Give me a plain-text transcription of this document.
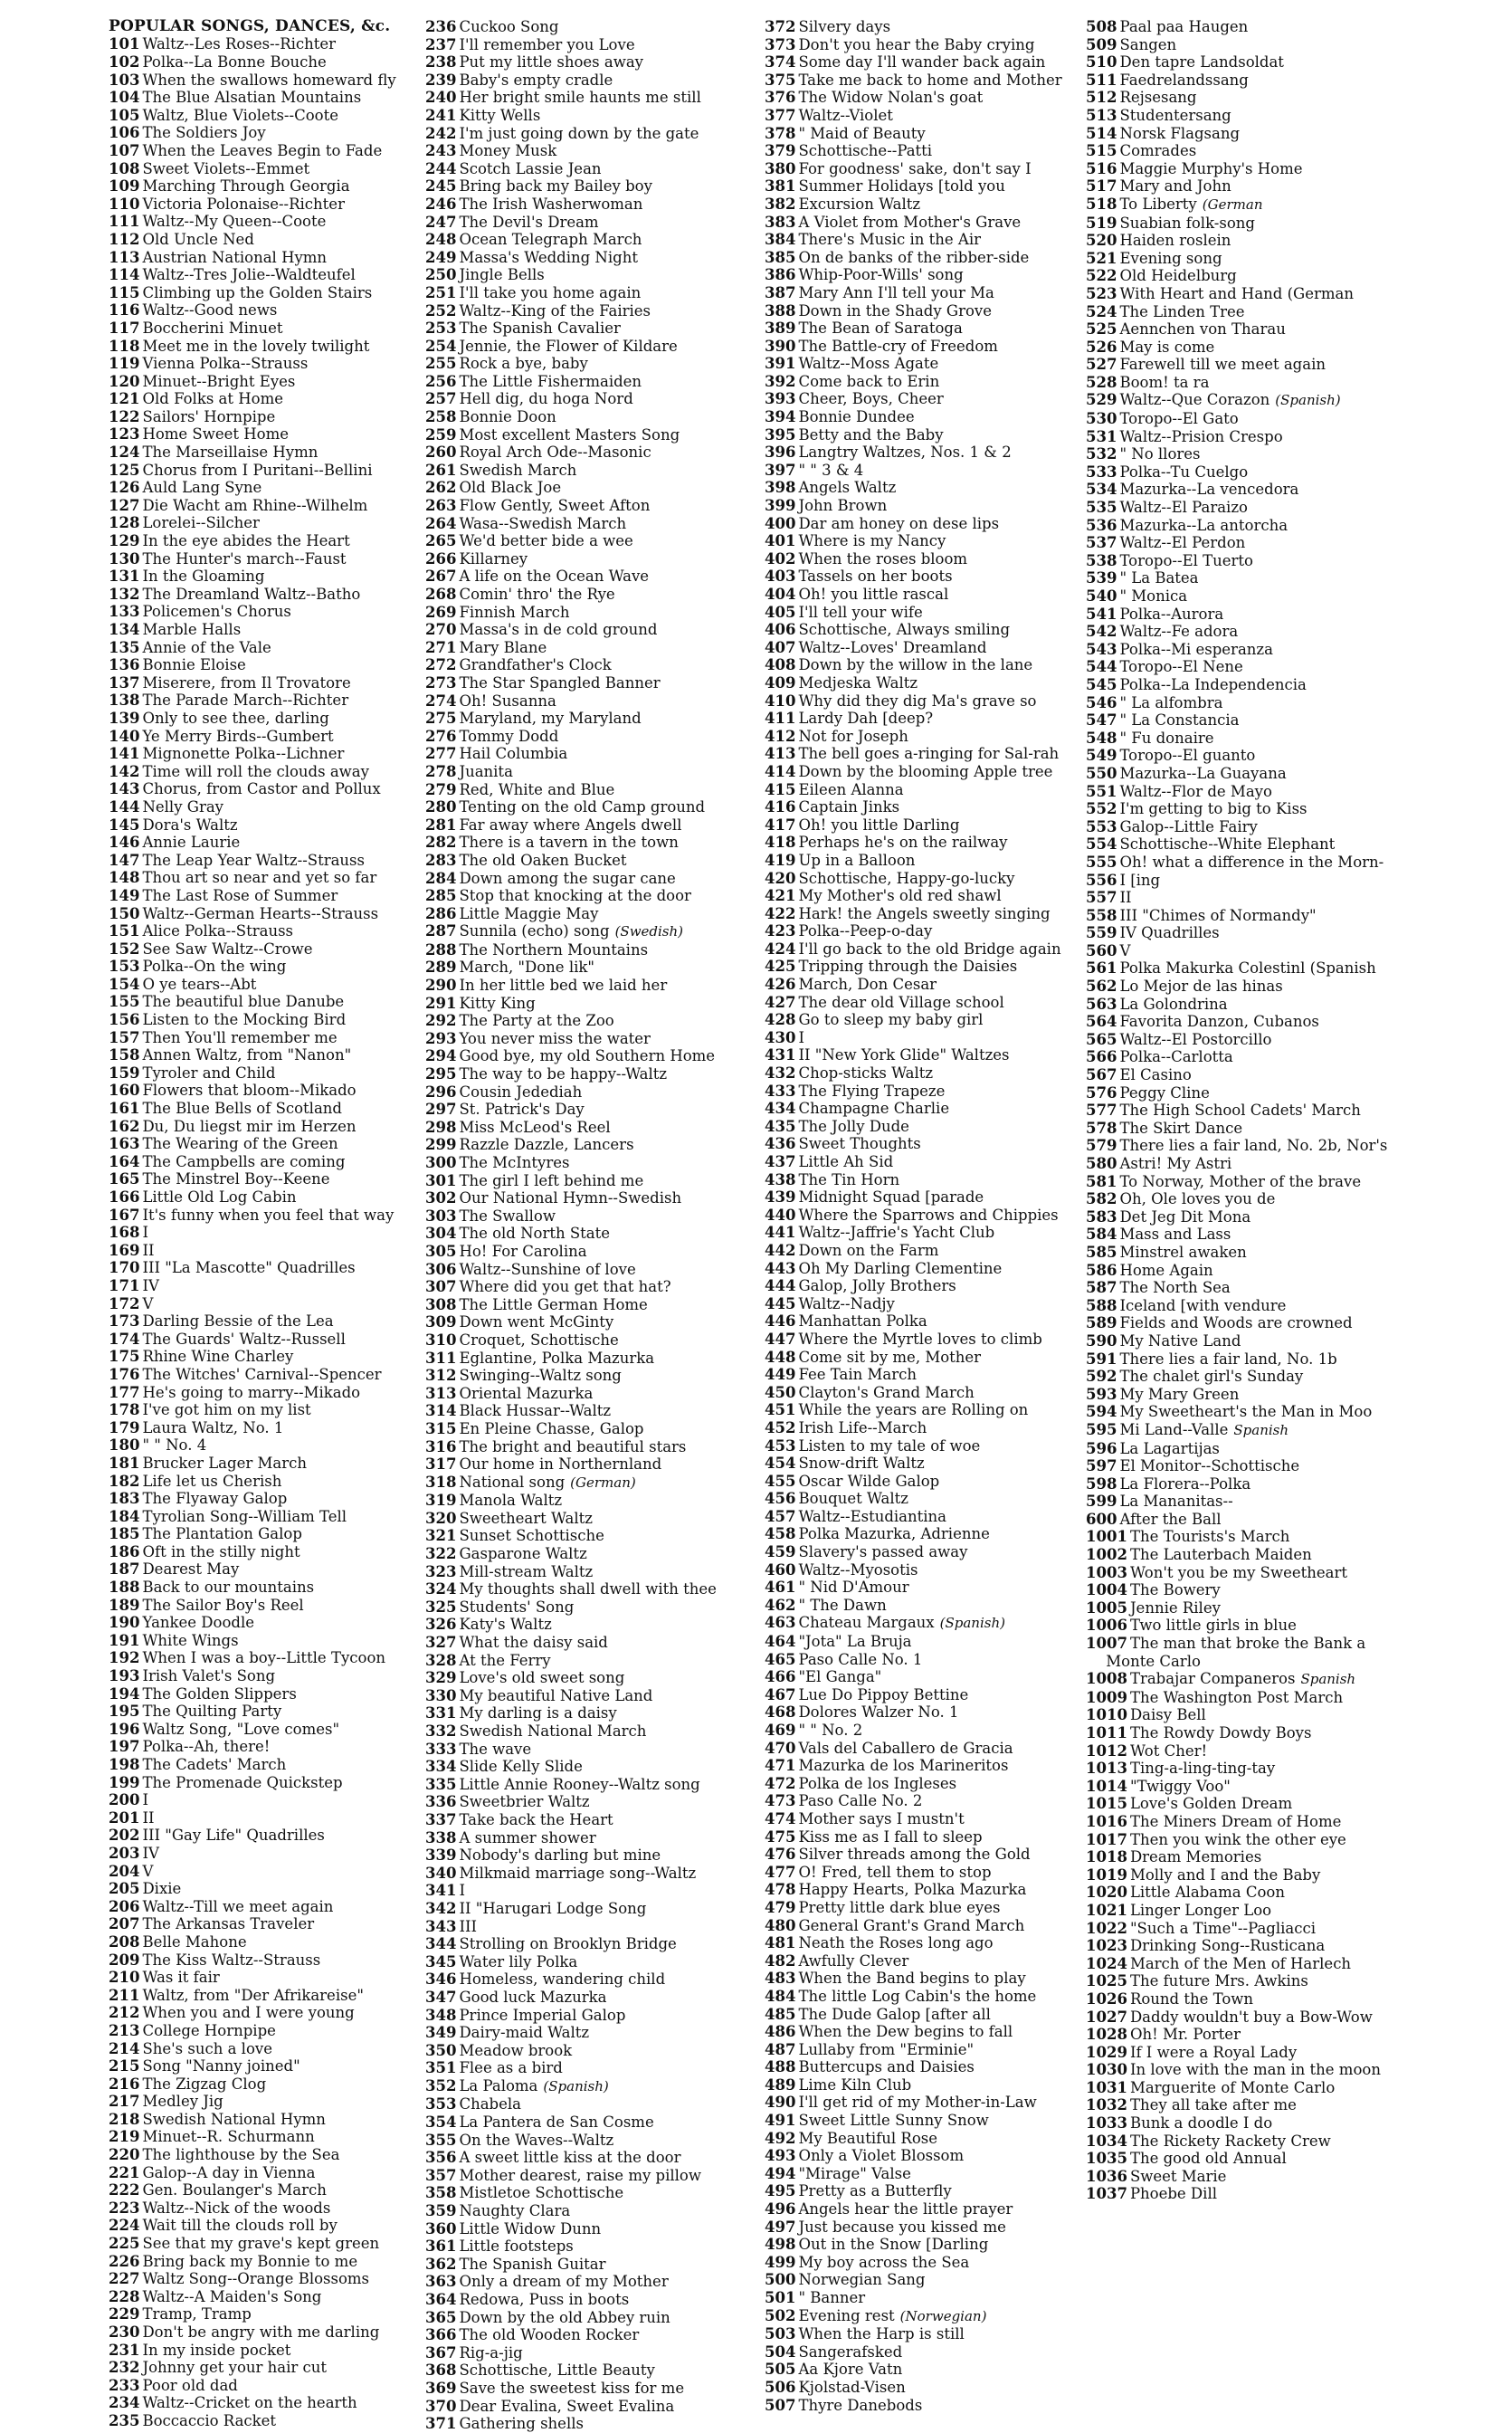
POPULAR SONGS, DANCES, &c.
101 Waltz--Les Roses--Richter
102 Polka--La Bonne Bouche
103 When the swallows homeward fly
104 The Blue Alsatian Mountains
105 Waltz, Blue Violets--Coote
106 The Soldiers Joy
107 When the Leaves Begin to Fade
108 Sweet Violets--Emmet
109 Marching Through Georgia
110 Victoria Polonaise--Richter
111 Waltz--My Queen--Coote
112 Old Uncle Ned
113 Austrian National Hymn
114 Waltz--Tres Jolie--Waldteufel
115 Climbing up the Golden Stairs
116 Waltz--Good news
117 Boccherini Minuet
118 Meet me in the lovely twilight
119 Vienna Polka--Strauss
120 Minuet--Bright Eyes
121 Old Folks at Home
122 Sailors' Hornpipe
123 Home Sweet Home
124 The Marseillaise Hymn
125 Chorus from I Puritani--Bellini
126 Auld Lang Syne
127 Die Wacht am Rhine--Wilhelm
128 Lorelei--Silcher
129 In the eye abides the Heart
130 The Hunter's march--Faust
131 In the Gloaming
132 The Dreamland Waltz--Batho
133 Policemen's Chorus
134 Marble Halls
135 Annie of the Vale
136 Bonnie Eloise
137 Miserere, from Il Trovatore
138 The Parade March--Richter
139 Only to see thee, darling
140 Ye Merry Birds--Gumbert
141 Mignonette Polka--Lichner
142 Time will roll the clouds away
143 Chorus, from Castor and Pollux
144 Nelly Gray
145 Dora's Waltz
146 Annie Laurie
147 The Leap Year Waltz--Strauss
148 Thou art so near and yet so far
149 The Last Rose of Summer
150 Waltz--German Hearts--Strauss
151 Alice Polka--Strauss
152 See Saw Waltz--Crowe
153 Polka--On the wing
154 O ye tears--Abt
155 The beautiful blue Danube
156 Listen to the Mocking Bird
157 Then You'll remember me
158 Annen Waltz, from "Nanon"
159 Tyroler and Child
160 Flowers that bloom--Mikado
161 The Blue Bells of Scotland
162 Du, Du liegst mir im Herzen
163 The Wearing of the Green
164 The Campbells are coming
165 The Minstrel Boy--Keene
166 Little Old Log Cabin
167 It's funny when you feel that way
168 I
169 II
170 III "La Mascotte" Quadrilles
171 IV
172 V
173 Darling Bessie of the Lea
174 The Guards' Waltz--Russell
175 Rhine Wine Charley
176 The Witches' Carnival--Spencer
177 He's going to marry--Mikado
178 I've got him on my list
179 Laura Waltz, No. 1
180 " " No. 4
181 Brucker Lager March
182 Life let us Cherish
183 The Flyaway Galop
184 Tyrolian Song--William Tell
185 The Plantation Galop
186 Oft in the stilly night
187 Dearest May
188 Back to our mountains
189 The Sailor Boy's Reel
190 Yankee Doodle
191 White Wings
192 When I was a boy--Little Tycoon
193 Irish Valet's Song
194 The Golden Slippers
195 The Quilting Party
196 Waltz Song, "Love comes"
197 Polka--Ah, there!
198 The Cadets' March
199 The Promenade Quickstep
200 I
201 II
202 III "Gay Life" Quadrilles
203 IV
204 V
205 Dixie
206 Waltz--Till we meet again
207 The Arkansas Traveler
208 Belle Mahone
209 The Kiss Waltz--Strauss
210 Was it fair
211 Waltz, from "Der Afrikareise"
212 When you and I were young
213 College Hornpipe
214 She's such a love
215 Song "Nanny joined"
216 The Zigzag Clog
217 Medley Jig
218 Swedish National Hymn
219 Minuet--R. Schurmann
220 The lighthouse by the Sea
221 Galop--A day in Vienna
222 Gen. Boulanger's March
223 Waltz--Nick of the woods
224 Wait till the clouds roll by
225 See that my grave's kept green
226 Bring back my Bonnie to me
227 Waltz Song--Orange Blossoms
228 Waltz--A Maiden's Song
229 Tramp, Tramp
230 Don't be angry with me darling
231 In my inside pocket
232 Johnny get your hair cut
233 Poor old dad
234 Waltz--Cricket on the hearth
235 Boccaccio Racket
236 Cuckoo Song
237 I'll remember you Love
238 Put my little shoes away
239 Baby's empty cradle
240 Her bright smile haunts me still
241 Kitty Wells
242 I'm just going down by the gate
243 Money Musk
244 Scotch Lassie Jean
245 Bring back my Bailey boy
246 The Irish Washerwoman
247 The Devil's Dream
248 Ocean Telegraph March
249 Massa's Wedding Night
250 Jingle Bells
251 I'll take you home again
252 Waltz--King of the Fairies
253 The Spanish Cavalier
254 Jennie, the Flower of Kildare
255 Rock a bye, baby
256 The Little Fishermaiden
257 Hell dig, du hoga Nord
258 Bonnie Doon
259 Most excellent Masters Song
260 Royal Arch Ode--Masonic
261 Swedish March
262 Old Black Joe
263 Flow Gently, Sweet Afton
264 Wasa--Swedish March
265 We'd better bide a wee
266 Killarney
267 A life on the Ocean Wave
268 Comin' thro' the Rye
269 Finnish March
270 Massa's in de cold ground
271 Mary Blane
272 Grandfather's Clock
273 The Star Spangled Banner
274 Oh! Susanna
275 Maryland, my Maryland
276 Tommy Dodd
277 Hail Columbia
278 Juanita
279 Red, White and Blue
280 Tenting on the old Camp ground
281 Far away where Angels dwell
282 There is a tavern in the town
283 The old Oaken Bucket
284 Down among the sugar cane
285 Stop that knocking at the door
286 Little Maggie May
287 Sunnila (echo) song (Swedish)
288 The Northern Mountains
289 March, "Done lik"
290 In her little bed we laid her
291 Kitty King
292 The Party at the Zoo
293 You never miss the water
294 Good bye, my old Southern Home
295 The way to be happy--Waltz
296 Cousin Jedediah
297 St. Patrick's Day
298 Miss McLeod's Reel
299 Razzle Dazzle, Lancers
300 The McIntyres
301 The girl I left behind me
302 Our National Hymn--Swedish
303 The Swallow
304 The old North State
305 Ho! For Carolina
306 Waltz--Sunshine of love
307 Where did you get that hat?
308 The Little German Home
309 Down went McGinty
310 Croquet, Schottische
311 Eglantine, Polka Mazurka
312 Swinging--Waltz song
313 Oriental Mazurka
314 Black Hussar--Waltz
315 En Pleine Chasse, Galop
316 The bright and beautiful stars
317 Our home in Northernland
318 National song (German)
319 Manola Waltz
320 Sweetheart Waltz
321 Sunset Schottische
322 Gasparone Waltz
323 Mill-stream Waltz
324 My thoughts shall dwell with thee
325 Students' Song
326 Katy's Waltz
327 What the daisy said
328 At the Ferry
329 Love's old sweet song
330 My beautiful Native Land
331 My darling is a daisy
332 Swedish National March
333 The wave
334 Slide Kelly Slide
335 Little Annie Rooney--Waltz song
336 Sweetbrier Waltz
337 Take back the Heart
338 A summer shower
339 Nobody's darling but mine
340 Milkmaid marriage song--Waltz
341 I
342 II "Harugari Lodge Song
343 III
344 Strolling on Brooklyn Bridge
345 Water lily Polka
346 Homeless, wandering child
347 Good luck Mazurka
348 Prince Imperial Galop
349 Dairy-maid Waltz
350 Meadow brook
351 Flee as a bird
352 La Paloma (Spanish)
353 Chabela
354 La Pantera de San Cosme
355 On the Waves--Waltz
356 A sweet little kiss at the door
357 Mother dearest, raise my pillow
358 Mistletoe Schottische
359 Naughty Clara
360 Little Widow Dunn
361 Little footsteps
362 The Spanish Guitar
363 Only a dream of my Mother
364 Redowa, Puss in boots
365 Down by the old Abbey ruin
366 The old Wooden Rocker
367 Rig-a-jig
368 Schottische, Little Beauty
369 Save the sweetest kiss for me
370 Dear Evalina, Sweet Evalina
371 Gathering shells
372 Silvery days
373 Don't you hear the Baby crying
374 Some day I'll wander back again
375 Take me back to home and Mother
376 The Widow Nolan's goat
377 Waltz--Violet
378 " Maid of Beauty
379 Schottische--Patti
380 For goodness' sake, don't say I
381 Summer Holidays [told you
382 Excursion Waltz
383 A Violet from Mother's Grave
384 There's Music in the Air
385 On de banks of the ribber-side
386 Whip-Poor-Wills' song
387 Mary Ann I'll tell your Ma
388 Down in the Shady Grove
389 The Bean of Saratoga
390 The Battle-cry of Freedom
391 Waltz--Moss Agate
392 Come back to Erin
393 Cheer, Boys, Cheer
394 Bonnie Dundee
395 Betty and the Baby
396 Langtry Waltzes, Nos. 1 & 2
397 " " 3 & 4
398 Angels Waltz
399 John Brown
400 Dar am honey on dese lips
401 Where is my Nancy
402 When the roses bloom
403 Tassels on her boots
404 Oh! you little rascal
405 I'll tell your wife
406 Schottische, Always smiling
407 Waltz--Loves' Dreamland
408 Down by the willow in the lane
409 Medjeska Waltz
410 Why did they dig Ma's grave so
411 Lardy Dah [deep?
412 Not for Joseph
413 The bell goes a-ringing for Sal-rah
414 Down by the blooming Apple tree
415 Eileen Alanna
416 Captain Jinks
417 Oh! you little Darling
418 Perhaps he's on the railway
419 Up in a Balloon
420 Schottische, Happy-go-lucky
421 My Mother's old red shawl
422 Hark! the Angels sweetly singing
423 Polka--Peep-o-day
424 I'll go back to the old Bridge again
425 Tripping through the Daisies
426 March, Don Cesar
427 The dear old Village school
428 Go to sleep my baby girl
430 I
431 II "New York Glide" Waltzes
432 Chop-sticks Waltz
433 The Flying Trapeze
434 Champagne Charlie
435 The Jolly Dude
436 Sweet Thoughts
437 Little Ah Sid
438 The Tin Horn
439 Midnight Squad [parade
440 Where the Sparrows and Chippies
441 Waltz--Jaffrie's Yacht Club
442 Down on the Farm
443 Oh My Darling Clementine
444 Galop, Jolly Brothers
445 Waltz--Nadjy
446 Manhattan Polka
447 Where the Myrtle loves to climb
448 Come sit by me, Mother
449 Fee Tain March
450 Clayton's Grand March
451 While the years are Rolling on
452 Irish Life--March
453 Listen to my tale of woe
454 Snow-drift Waltz
455 Oscar Wilde Galop
456 Bouquet Waltz
457 Waltz--Estudiantina
458 Polka Mazurka, Adrienne
459 Slavery's passed away
460 Waltz--Myosotis
461 " Nid D'Amour
462 " The Dawn
463 Chateau Margaux (Spanish)
464 "Jota" La Bruja
465 Paso Calle No. 1
466 "El Ganga"
467 Lue Do Pippoy Bettine
468 Dolores Walzer No. 1
469 " " No. 2
470 Vals del Caballero de Gracia
471 Mazurka de los Marineritos
472 Polka de los Ingleses
473 Paso Calle No. 2
474 Mother says I mustn't
475 Kiss me as I fall to sleep
476 Silver threads among the Gold
477 O! Fred, tell them to stop
478 Happy Hearts, Polka Mazurka
479 Pretty little dark blue eyes
480 General Grant's Grand March
481 Neath the Roses long ago
482 Awfully Clever
483 When the Band begins to play
484 The little Log Cabin's the home
485 The Dude Galop [after all
486 When the Dew begins to fall
487 Lullaby from "Erminie"
488 Buttercups and Daisies
489 Lime Kiln Club
490 I'll get rid of my Mother-in-Law
491 Sweet Little Sunny Snow
492 My Beautiful Rose
493 Only a Violet Blossom
494 "Mirage" Valse
495 Pretty as a Butterfly
496 Angels hear the little prayer
497 Just because you kissed me
498 Out in the Snow [Darling
499 My boy across the Sea
500 Norwegian Sang
501 " Banner
502 Evening rest (Norwegian)
503 When the Harp is still
504 Sangerafsked
505 Aa Kjore Vatn
506 Kjolstad-Visen
507 Thyre Danebods
508 Paal paa Haugen
509 Sangen
510 Den tapre Landsoldat
511 Faedrelandssang
512 Rejsesang
513 Studentersang
514 Norsk Flagsang
515 Comrades
516 Maggie Murphy's Home
517 Mary and John
518 To Liberty (German
519 Suabian folk-song
520 Haiden roslein
521 Evening song
522 Old Heidelburg
523 With Heart and Hand (German
524 The Linden Tree
525 Aennchen von Tharau
526 May is come
527 Farewell till we meet again
528 Boom! ta ra
529 Waltz--Que Corazon (Spanish)
530 Toropo--El Gato
531 Waltz--Prision Crespo
532 " No llores
533 Polka--Tu Cuelgo
534 Mazurka--La vencedora
535 Waltz--El Paraizo
536 Mazurka--La antorcha
537 Waltz--El Perdon
538 Toropo--El Tuerto
539 " La Batea
540 " Monica
541 Polka--Aurora
542 Waltz--Fe adora
543 Polka--Mi esperanza
544 Toropo--El Nene
545 Polka--La Independencia
546 " La alfombra
547 " La Constancia
548 " Fu donaire
549 Toropo--El guanto
550 Mazurka--La Guayana
551 Waltz--Flor de Mayo
552 I'm getting to big to Kiss
553 Galop--Little Fairy
554 Schottische--White Elephant
555 Oh! what a difference in the Morn-
556 I [ing
557 II
558 III "Chimes of Normandy"
559 IV Quadrilles
560 V
561 Polka Makurka Colestinl (Spanish
562 Lo Mejor de las hinas
563 La Golondrina
564 Favorita Danzon, Cubanos
565 Waltz--El Postorcillo
566 Polka--Carlotta
567 El Casino
576 Peggy Cline
577 The High School Cadets' March
578 The Skirt Dance
579 There lies a fair land, No. 2b, Nor's
580 Astri! My Astri
581 To Norway, Mother of the brave
582 Oh, Ole loves you de
583 Det Jeg Dit Mona
584 Mass and Lass
585 Minstrel awaken
586 Home Again
587 The North Sea
588 Iceland [with vendure
589 Fields and Woods are crowned
590 My Native Land
591 There lies a fair land, No. 1b
592 The chalet girl's Sunday
593 My Mary Green
594 My Sweetheart's the Man in Moo
595 Mi Land--Valle Spanish
596 La Lagartijas
597 El Monitor--Schottische
598 La Florera--Polka
599 La Mananitas--
600 After the Ball
1001 The Tourists's March
1002 The Lauterbach Maiden
1003 Won't you be my Sweetheart
1004 The Bowery
1005 Jennie Riley
1006 Two little girls in blue
1007 The man that broke the Bank a
Monte Carlo
1008 Trabajar Companeros Spanish
1009 The Washington Post March
1010 Daisy Bell
1011 The Rowdy Dowdy Boys
1012 Wot Cher!
1013 Ting-a-ling-ting-tay
1014 "Twiggy Voo"
1015 Love's Golden Dream
1016 The Miners Dream of Home
1017 Then you wink the other eye
1018 Dream Memories
1019 Molly and I and the Baby
1020 Little Alabama Coon
1021 Linger Longer Loo
1022 "Such a Time"--Pagliacci
1023 Drinking Song--Rusticana
1024 March of the Men of Harlech
1025 The future Mrs. Awkins
1026 Round the Town
1027 Daddy wouldn't buy a Bow-Wow
1028 Oh! Mr. Porter
1029 If I were a Royal Lady
1030 In love with the man in the moon
1031 Marguerite of Monte Carlo
1032 They all take after me
1033 Bunk a doodle I do
1034 The Rickety Rackety Crew
1035 The good old Annual
1036 Sweet Marie
1037 Phoebe Dill
